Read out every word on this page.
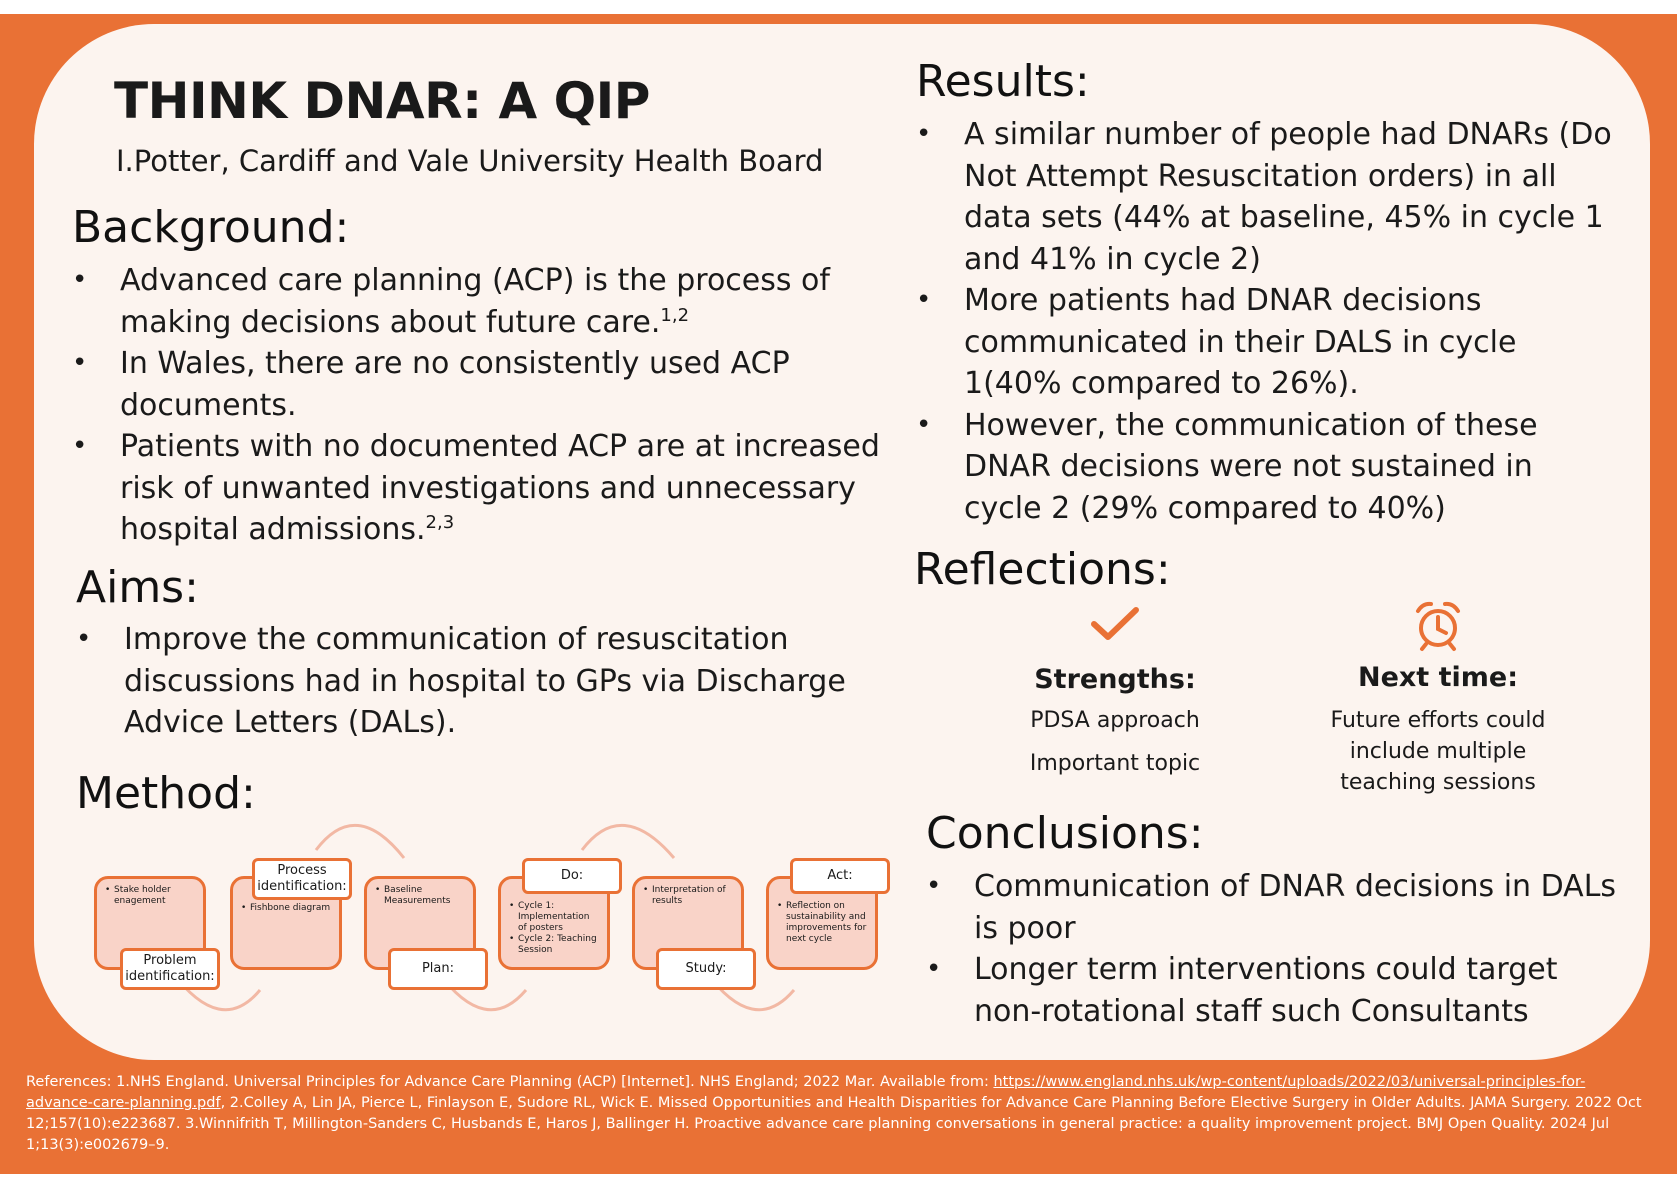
THINK DNAR: A QIP
I.Potter, Cardiff and Vale University Health Board
Background:
• Advanced care planning (ACP) is the process of making decisions about future care.$^{1,2}$
• In Wales, there are no consistently used ACP documents.
• Patients with no documented ACP are at increased risk of unwanted investigations and unnecessary hospital admissions.$^{2,3}$
Aims:
• Improve the communication of resuscitation discussions had in hospital to GPs via Discharge Advice Letters (DALs).
Method:
• Stake holder enagement
Problem identification:
• Fishbone diagram
Process identification:
•	Baseline Measurements
Plan:
• Cycle 1: Implementation of posters
• Cycle 2: Teaching Session
Do:
• Interpretation of results
Study:
• Reflection on sustainability and improvements for next cycle
Act:
Results:
• A similar number of people had DNARs (Do Not Attempt Resuscitation orders) in all data sets (44% at baseline, 45% in cycle 1 and 41% in cycle 2)
• More patients had DNAR decisions communicated in their DALS in cycle 1(40% compared to 26%).
• However, the communication of these DNAR decisions were not sustained in cycle 2 (29% compared to 40%)
Reflections:
Strengths:
PDSA approach
Important topic
Next time:
Future efforts could include multiple teaching sessions
Conclusions:
• Communication of DNAR decisions in DALs is poor
• Longer term interventions could target non-rotational staff such Consultants
References: 1.NHS England. Universal Principles for Advance Care Planning (ACP) [Internet]. NHS England; 2022 Mar. Available from: https://www.england.nhs.uk/wp-content/uploads/2022/03/universal-principles-for-advance-care-planning.pdf, 2.Colley A, Lin JA, Pierce L, Finlayson E, Sudore RL, Wick E. Missed Opportunities and Health Disparities for Advance Care Planning Before Elective Surgery in Older Adults. JAMA Surgery. 2022 Oct 12;157(10):e223687. 3.Winnifrith T, Millington-Sanders C, Husbands E, Haros J, Ballinger H. Proactive advance care planning conversations in general practice: a quality improvement project. BMJ Open Quality. 2024 Jul 1;13(3):e002679–9.
